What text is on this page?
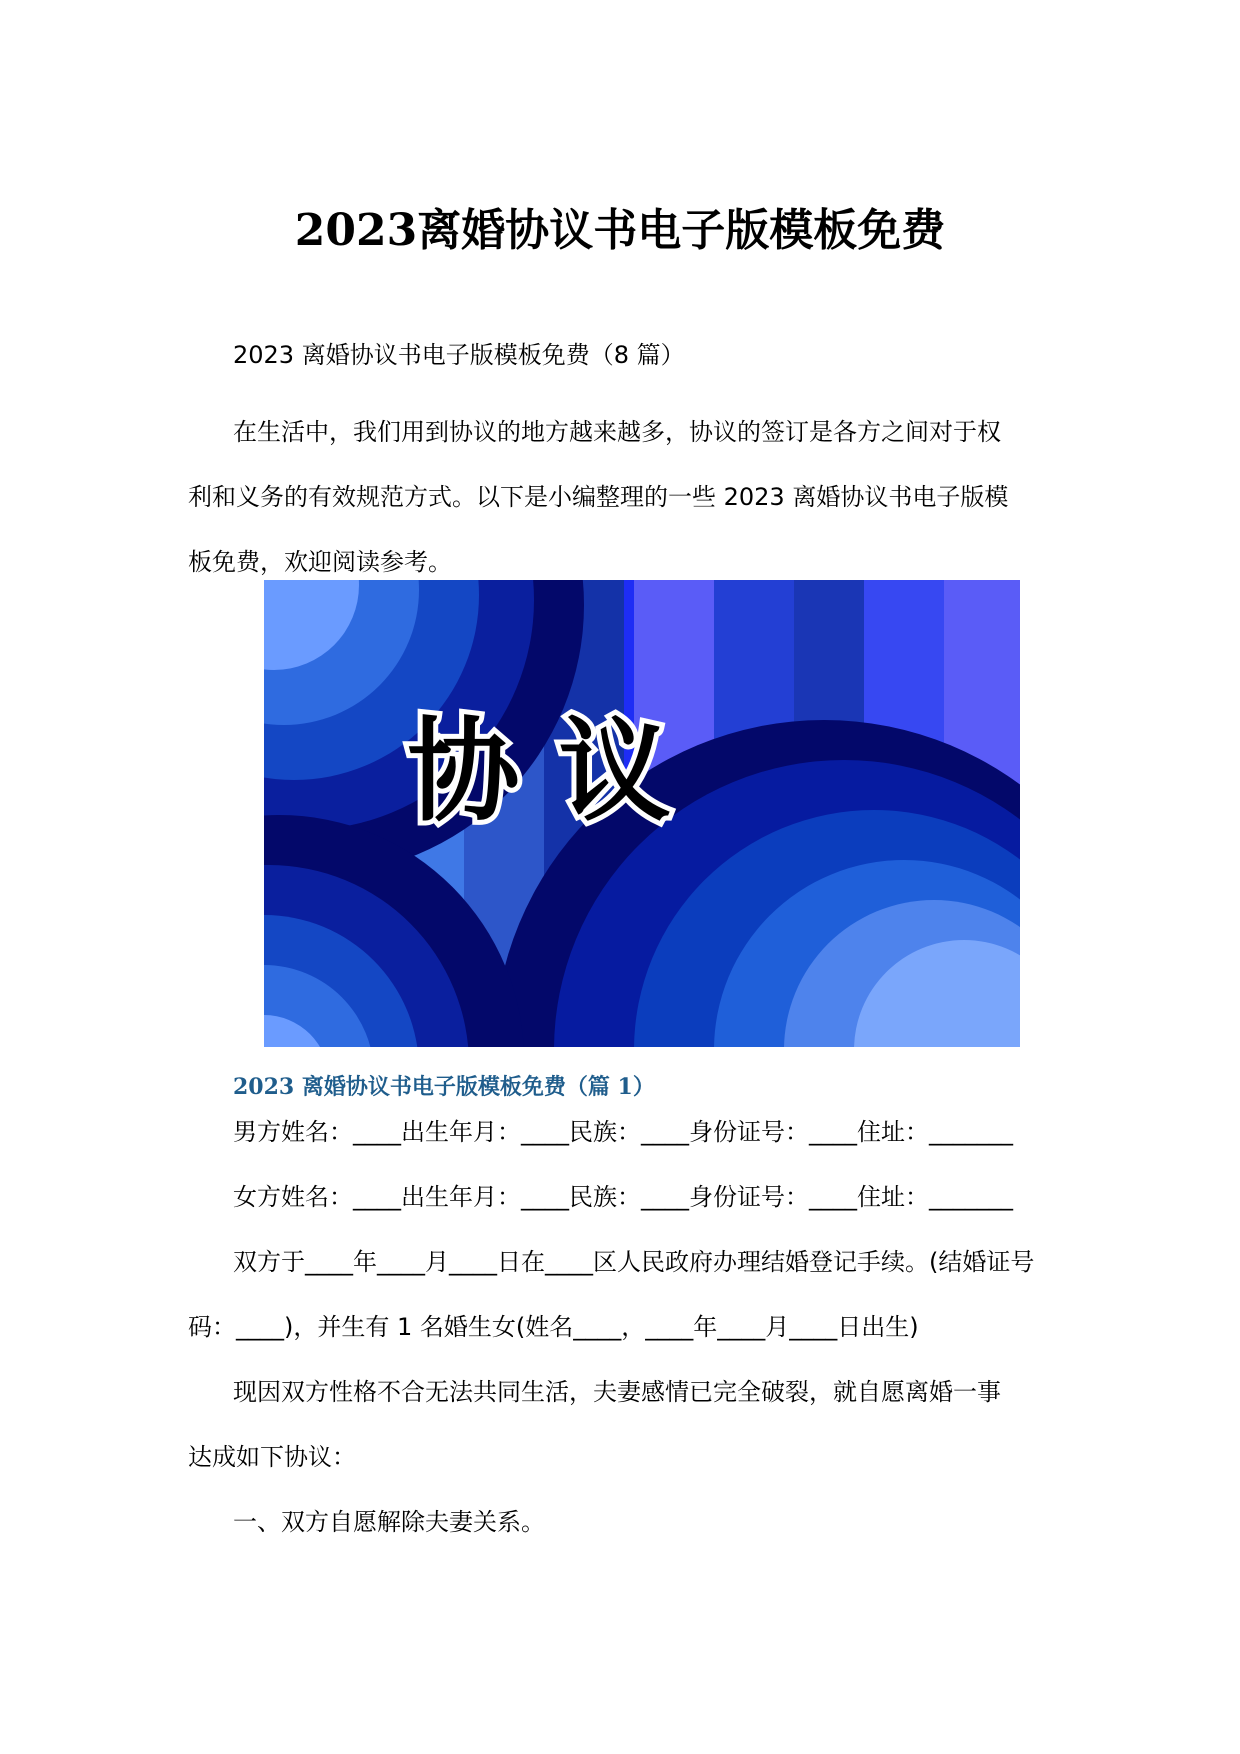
2023离婚协议书电子版模板免费

2023 离婚协议书电子版模板免费（8 篇）

在生活中，我们用到协议的地方越来越多，协议的签订是各方之间对于权

利和义务的有效规范方式。以下是小编整理的一些 2023 离婚协议书电子版模

板免费，欢迎阅读参考。

协 议
2023 离婚协议书电子版模板免费（篇 1）

男方姓名：____出生年月：____民族：____身份证号：____住址：_______

女方姓名：____出生年月：____民族：____身份证号：____住址：_______

双方于____年____月____日在____区人民政府办理结婚登记手续。(结婚证号

码：____)，并生有 1 名婚生女(姓名____，____年____月____日出生)

现因双方性格不合无法共同生活，夫妻感情已完全破裂，就自愿离婚一事

达成如下协议：

一、双方自愿解除夫妻关系。
